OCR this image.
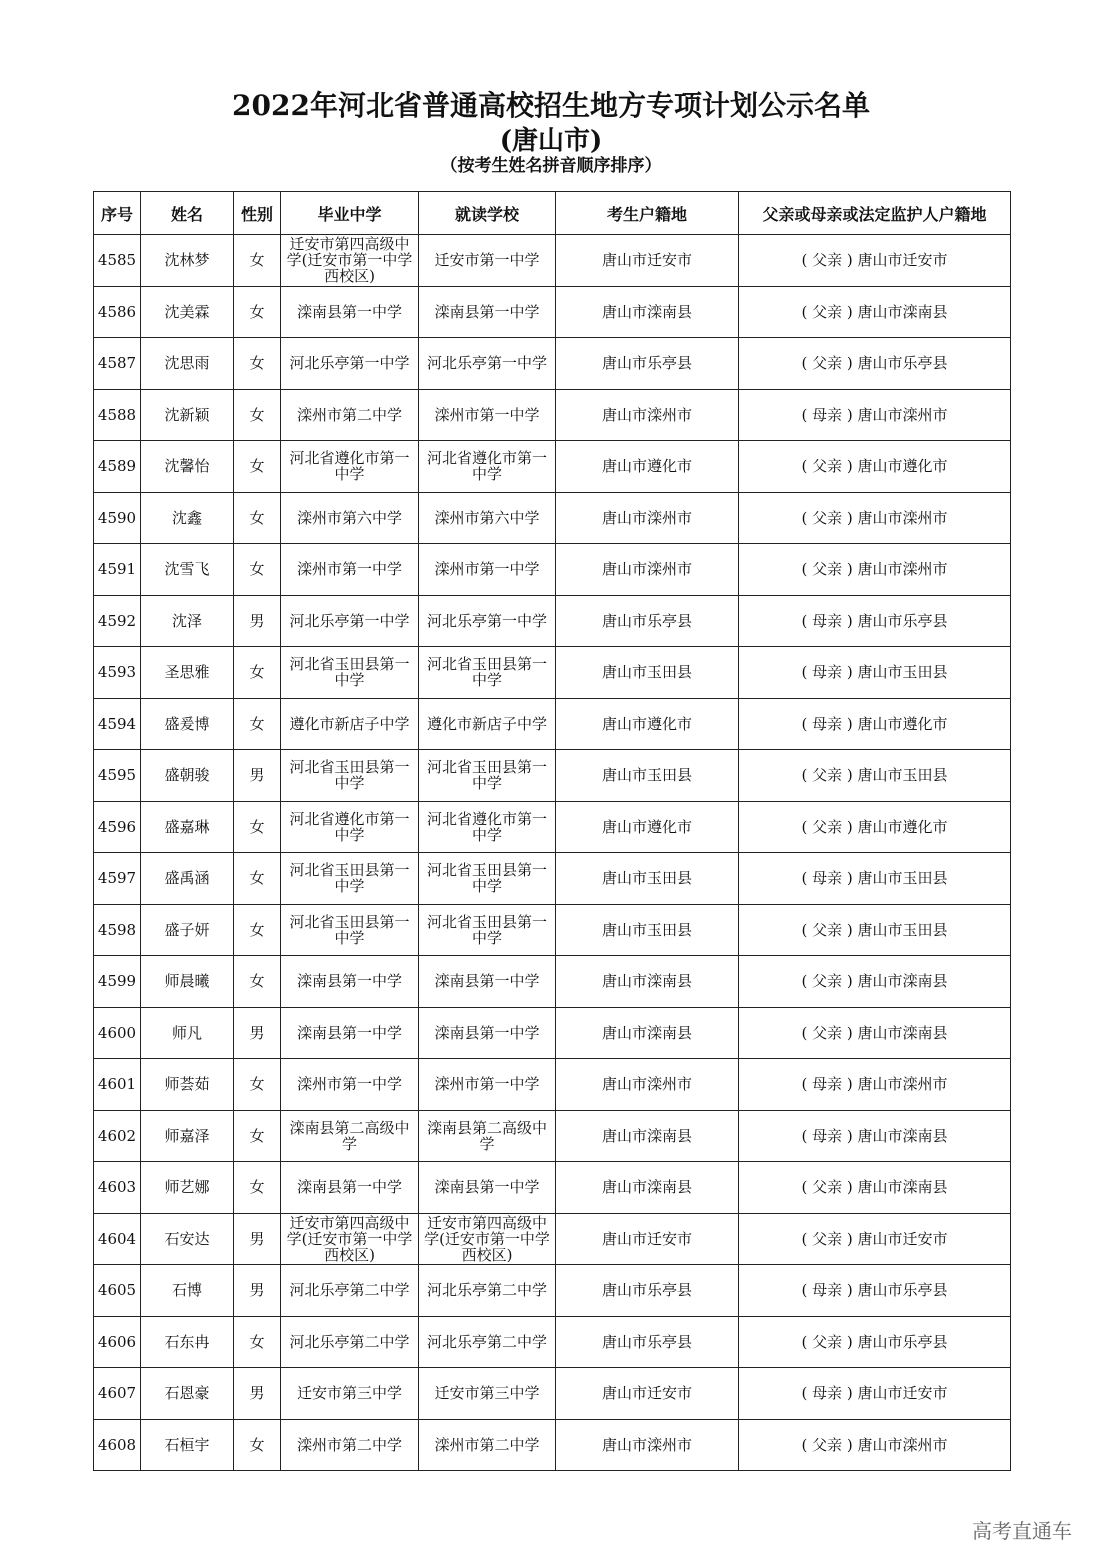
2022年河北省普通高校招生地方专项计划公示名单
(唐山市)
（按考生姓名拼音顺序排序）
序号	姓名	性别	毕业中学	就读学校	考生户籍地	父亲或母亲或法定监护人户籍地
4585	沈林梦	女	迁安市第四高级中学(迁安市第一中学西校区)	迁安市第一中学	唐山市迁安市	( 父亲 ) 唐山市迁安市
4586	沈美霖	女	滦南县第一中学	滦南县第一中学	唐山市滦南县	( 父亲 ) 唐山市滦南县
4587	沈思雨	女	河北乐亭第一中学	河北乐亭第一中学	唐山市乐亭县	( 父亲 ) 唐山市乐亭县
4588	沈新颖	女	滦州市第二中学	滦州市第一中学	唐山市滦州市	( 母亲 ) 唐山市滦州市
4589	沈馨怡	女	河北省遵化市第一中学	河北省遵化市第一中学	唐山市遵化市	( 父亲 ) 唐山市遵化市
4590	沈鑫	女	滦州市第六中学	滦州市第六中学	唐山市滦州市	( 父亲 ) 唐山市滦州市
4591	沈雪飞	女	滦州市第一中学	滦州市第一中学	唐山市滦州市	( 父亲 ) 唐山市滦州市
4592	沈泽	男	河北乐亭第一中学	河北乐亭第一中学	唐山市乐亭县	( 母亲 ) 唐山市乐亭县
4593	圣思雅	女	河北省玉田县第一中学	河北省玉田县第一中学	唐山市玉田县	( 母亲 ) 唐山市玉田县
4594	盛爰博	女	遵化市新店子中学	遵化市新店子中学	唐山市遵化市	( 母亲 ) 唐山市遵化市
4595	盛朝骏	男	河北省玉田县第一中学	河北省玉田县第一中学	唐山市玉田县	( 父亲 ) 唐山市玉田县
4596	盛嘉琳	女	河北省遵化市第一中学	河北省遵化市第一中学	唐山市遵化市	( 父亲 ) 唐山市遵化市
4597	盛禹涵	女	河北省玉田县第一中学	河北省玉田县第一中学	唐山市玉田县	( 母亲 ) 唐山市玉田县
4598	盛子妍	女	河北省玉田县第一中学	河北省玉田县第一中学	唐山市玉田县	( 父亲 ) 唐山市玉田县
4599	师晨曦	女	滦南县第一中学	滦南县第一中学	唐山市滦南县	( 父亲 ) 唐山市滦南县
4600	师凡	男	滦南县第一中学	滦南县第一中学	唐山市滦南县	( 父亲 ) 唐山市滦南县
4601	师荟茹	女	滦州市第一中学	滦州市第一中学	唐山市滦州市	( 母亲 ) 唐山市滦州市
4602	师嘉泽	女	滦南县第二高级中学	滦南县第二高级中学	唐山市滦南县	( 母亲 ) 唐山市滦南县
4603	师艺娜	女	滦南县第一中学	滦南县第一中学	唐山市滦南县	( 父亲 ) 唐山市滦南县
4604	石安达	男	迁安市第四高级中学(迁安市第一中学西校区)	迁安市第四高级中学(迁安市第一中学西校区)	唐山市迁安市	( 父亲 ) 唐山市迁安市
4605	石博	男	河北乐亭第二中学	河北乐亭第二中学	唐山市乐亭县	( 母亲 ) 唐山市乐亭县
4606	石东冉	女	河北乐亭第二中学	河北乐亭第二中学	唐山市乐亭县	( 父亲 ) 唐山市乐亭县
4607	石恩豪	男	迁安市第三中学	迁安市第三中学	唐山市迁安市	( 母亲 ) 唐山市迁安市
4608	石桓宇	女	滦州市第二中学	滦州市第二中学	唐山市滦州市	( 父亲 ) 唐山市滦州市
高考直通车
